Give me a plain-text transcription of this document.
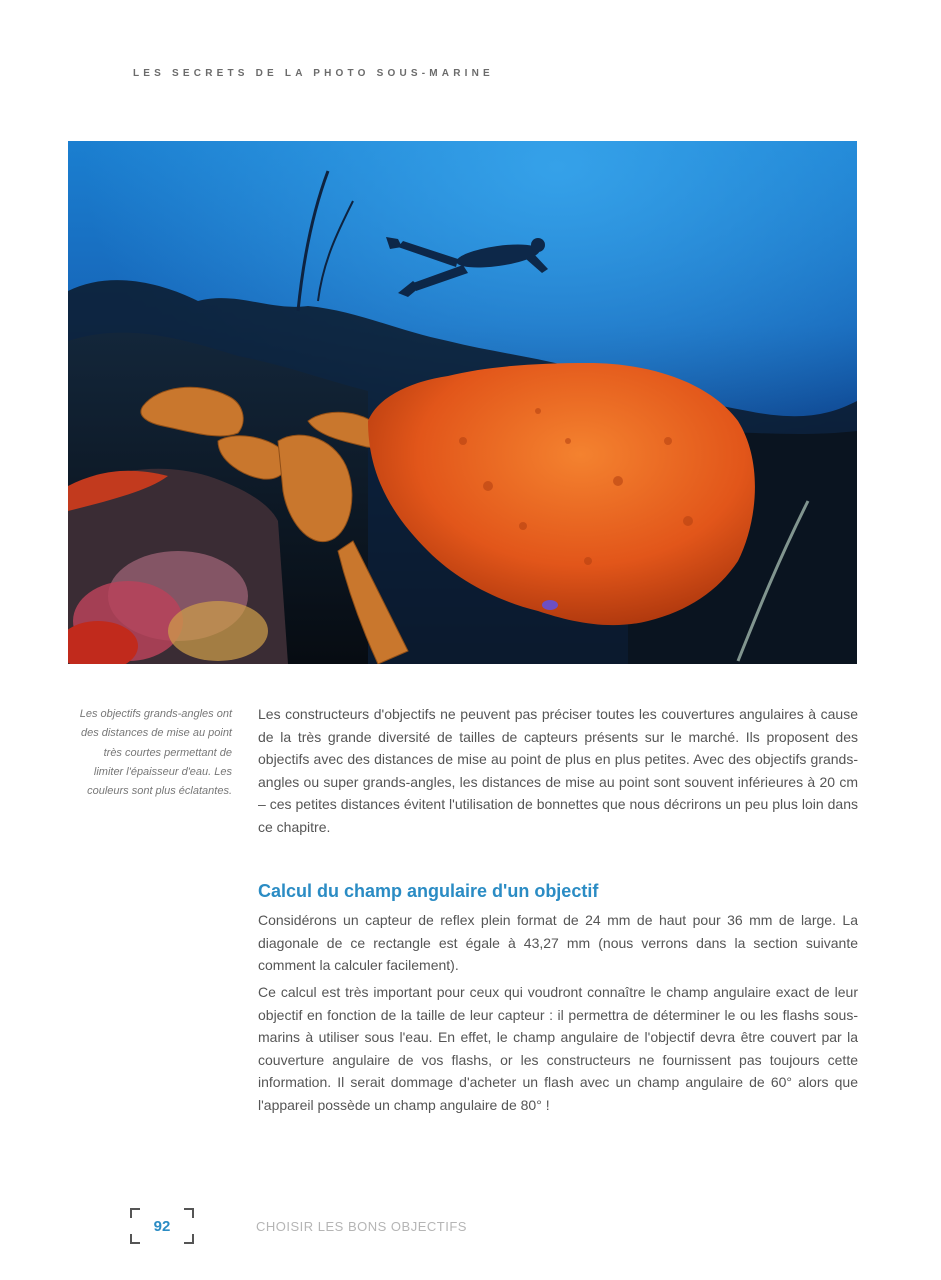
LES SECRETS DE LA PHOTO SOUS-MARINE
Les objectifs grands-angles ont des distances de mise au point très courtes permettant de limiter l'épaisseur d'eau. Les couleurs sont plus éclatantes.

Les constructeurs d'objectifs ne peuvent pas préciser toutes les couvertures angulaires à cause de la très grande diversité de tailles de capteurs présents sur le marché. Ils proposent des objectifs avec des distances de mise au point de plus en plus petites. Avec des objectifs grands-angles ou super grands-angles, les distances de mise au point sont souvent inférieures à 20 cm – ces petites distances évitent l'utilisation de bonnettes que nous décrirons un peu plus loin dans ce chapitre.

Calcul du champ angulaire d'un objectif

Considérons un capteur de reflex plein format de 24 mm de haut pour 36 mm de large. La diagonale de ce rectangle est égale à 43,27 mm (nous verrons dans la section suivante comment la calculer facilement).

Ce calcul est très important pour ceux qui voudront connaître le champ angulaire exact de leur objectif en fonction de la taille de leur capteur : il permettra de déterminer le ou les flashs sous-marins à utiliser sous l'eau. En effet, le champ angulaire de l'objectif devra être couvert par la couverture angulaire de vos flashs, or les constructeurs ne fournissent pas toujours cette information. Il serait dommage d'acheter un flash avec un champ angulaire de 60° alors que l'appareil possède un champ angulaire de 80° !

92	CHOISIR LES BONS OBJECTIFS
